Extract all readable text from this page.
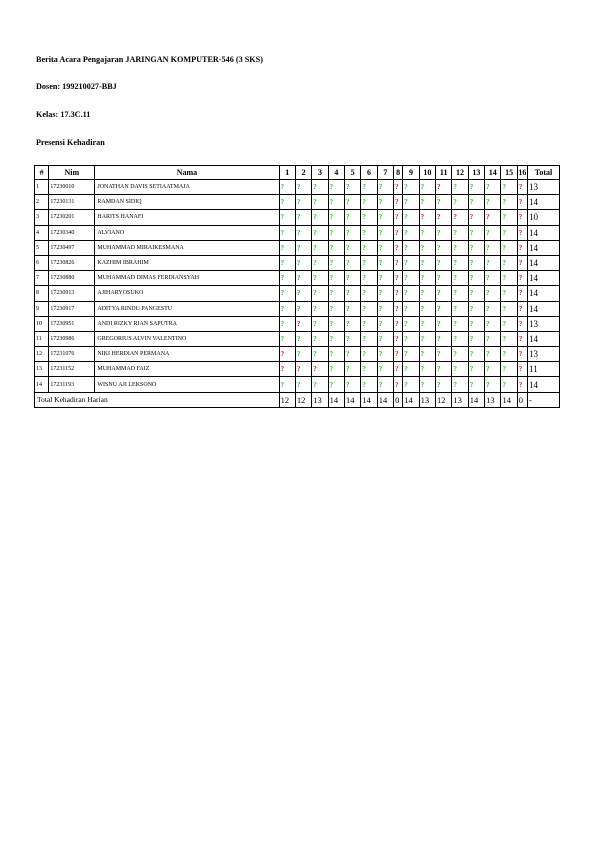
Berita Acara Pengajaran JARINGAN KOMPUTER-546 (3 SKS)
Dosen: 199210027-BBJ
Kelas: 17.3C.11
Presensi Kehadiran
#	Nim	Nama	1	2	3	4	5	6	7	8	9	10	11	12	13	14	15	16	Total
1	17230010	JONATHAN DAVIS SETIAATMAJA	?	?	?	?	?	?	?	?	?	?	?	?	?	?	?	?	13
2	17230131	RAMDAN SIDIQ	?	?	?	?	?	?	?	?	?	?	?	?	?	?	?	?	14
3	17230201	HARITS HANAFI	?	?	?	?	?	?	?	?	?	?	?	?	?	?	?	?	10
4	17230340	ALVIANO	?	?	?	?	?	?	?	?	?	?	?	?	?	?	?	?	14
5	17230497	MUHAMMAD MIRAIKESMANA	?	?	?	?	?	?	?	?	?	?	?	?	?	?	?	?	14
6	17230826	KAZHIM IBRAHIM	?	?	?	?	?	?	?	?	?	?	?	?	?	?	?	?	14
7	17230880	MUHAMMAD DIMAS FERDIANSYAH	?	?	?	?	?	?	?	?	?	?	?	?	?	?	?	?	14
8	17230913	AJIHARYOSUKO	?	?	?	?	?	?	?	?	?	?	?	?	?	?	?	?	14
9	17230917	ADITYA RINDU PANGESTU	?	?	?	?	?	?	?	?	?	?	?	?	?	?	?	?	14
10	17230951	ANDI RIZKY RIAN SAPUTRA	?	?	?	?	?	?	?	?	?	?	?	?	?	?	?	?	13
11	17230986	GREGORIUS ALVIN VALENTINO	?	?	?	?	?	?	?	?	?	?	?	?	?	?	?	?	14
12	17231076	NIKI HERDIAN PERMANA	?	?	?	?	?	?	?	?	?	?	?	?	?	?	?	?	13
13	17231152	MUHAMMAD FAIZ	?	?	?	?	?	?	?	?	?	?	?	?	?	?	?	?	11
14	17231193	WISNU AJI LEKSONO	?	?	?	?	?	?	?	?	?	?	?	?	?	?	?	?	14
Total Kehadiran Harian			12	12	13	14	14	14	14	0	14	13	12	13	14	13	14	0	-
